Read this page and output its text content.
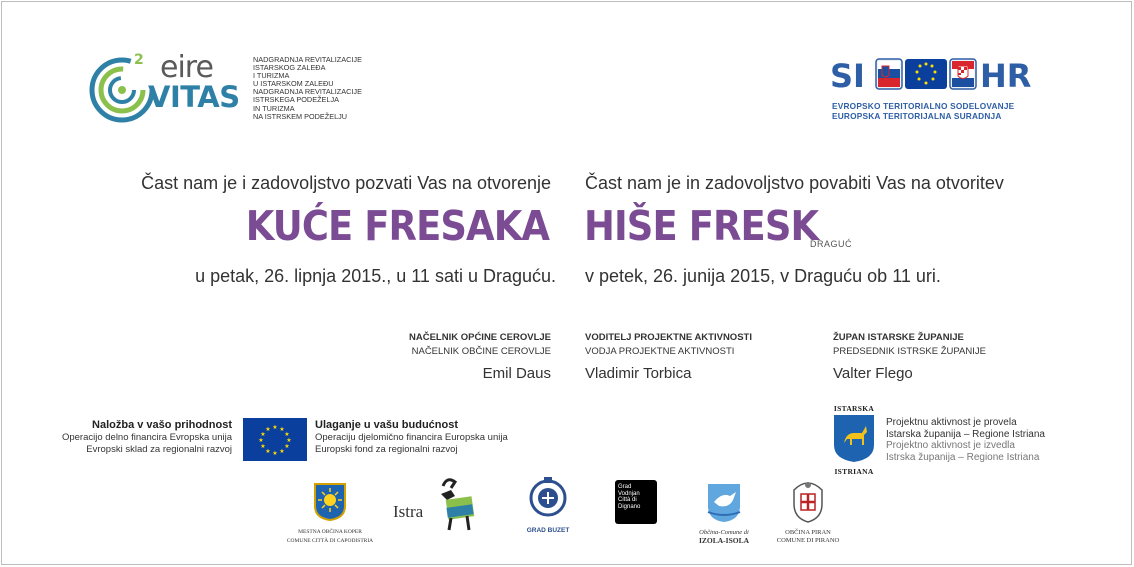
2 eire
VITAS
NADGRADNJA REVITALIZACIJE
ISTARSKOG ZALEĐA
I TURIZMA
U ISTARSKOM ZALEĐU
NADGRADNJA REVITALIZACIJE
ISTRSKEGA PODEŽELJA
IN TURIZMA
NA ISTRSKEM PODEŽELJU
SI	HR
EVROPSKO TERITORIALNO SODELOVANJE
EUROPSKA TERITORIJALNA SURADNJA
Čast nam je i zadovoljstvo pozvati Vas na otvorenje Čast nam je in zadovoljstvo povabiti Vas na otvoritev
KUĆE FRESAKA HIŠE FRESK
DRAGUĆ
u petak, 26. lipnja 2015., u 11 sati u Draguću. v petek, 26. junija 2015, v Draguću ob 11 uri.
NAČELNIK OPĆINE CEROVLJE
NAČELNIK OBČINE CEROVLJE
Emil Daus
VODITELJ PROJEKTNE AKTIVNOSTI
VODJA PROJEKTNE AKTIVNOSTI
Vladimir Torbica
ŽUPAN ISTARSKE ŽUPANIJE
PREDSEDNIK ISTRSKE ŽUPANIJE
Valter Flego
Naložba v vašo prihodnost
Operacijo delno financira Evropska unija
Evropski sklad za regionalni razvoj
★ ★
★
★
★
★
★
★
★
★
★
★	Ulaganje u vašu budućnost
Operaciju djelomično financira Europska unija
Europski fond za regionalni razvoj
ISTARSKA
ISTRIANA
Projektnu aktivnost je provela
Istarska županija – Regione Istriana
Projektno aktivnost je izvedla
Istrska županija – Regione Istriana
MESTNA OBČINA KOPER
COMUNE CITTÀ DI CAPODISTRIA
Istra
GRAD BUZET
Grad
Vodnjan
Città di
Dignano
Občina-Comune di
IZOLA-ISOLA
OBČINA PIRAN
COMUNE DI PIRANO
